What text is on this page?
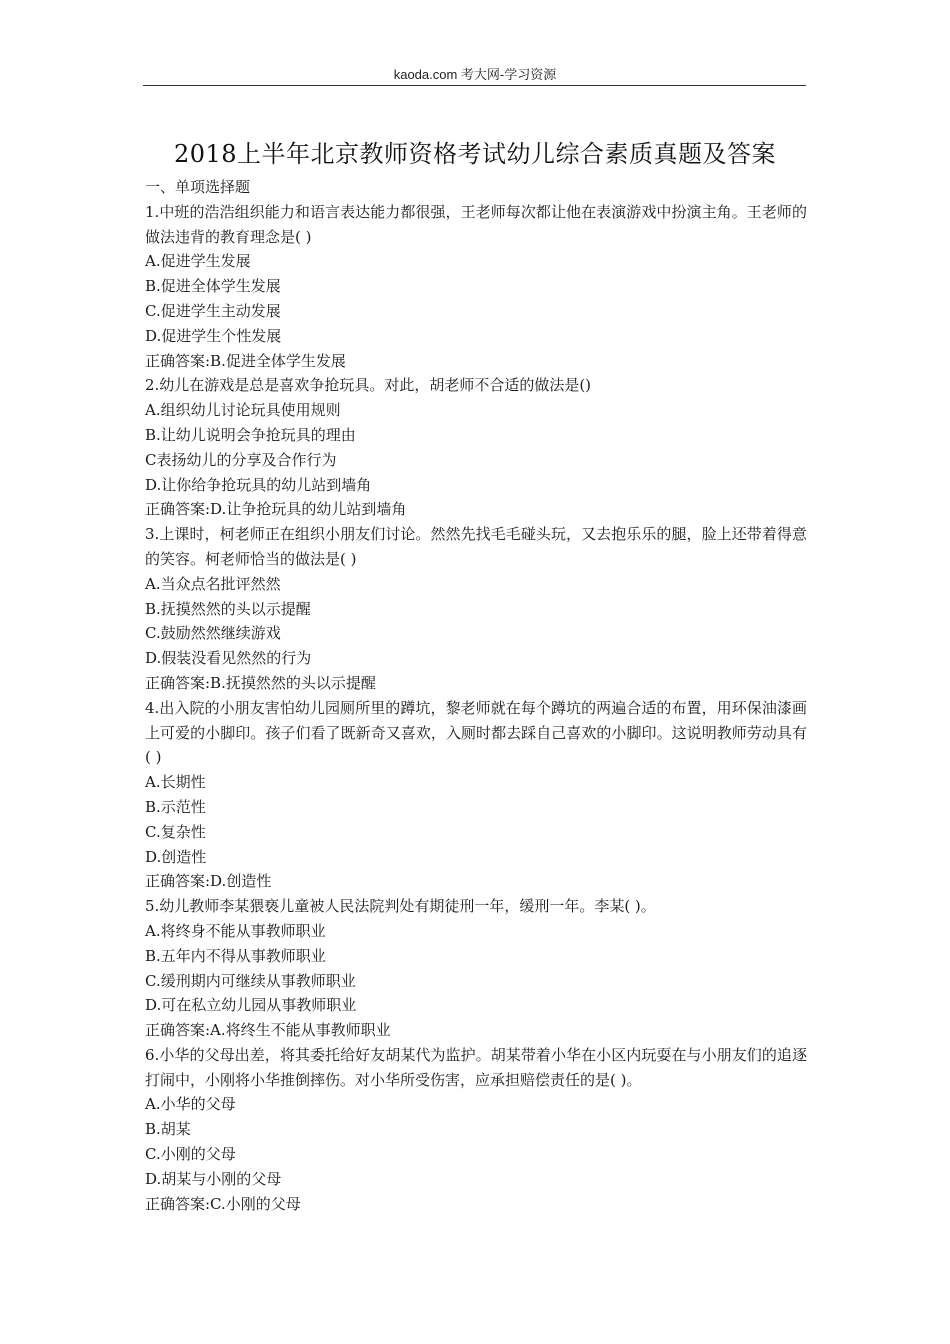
kaoda.com 考大网-学习资源
2018上半年北京教师资格考试幼儿综合素质真题及答案
一、单项选择题
1.中班的浩浩组织能力和语言表达能力都很强，王老师每次都让他在表演游戏中扮演主角。王老师的做法违背的教育理念是( )
A.促进学生发展
B.促进全体学生发展
C.促进学生主动发展
D.促进学生个性发展
正确答案:B.促进全体学生发展
2.幼儿在游戏是总是喜欢争抢玩具。对此，胡老师不合适的做法是()
A.组织幼儿讨论玩具使用规则
B.让幼儿说明会争抢玩具的理由
C表扬幼儿的分享及合作行为
D.让你给争抢玩具的幼儿站到墙角
正确答案:D.让争抢玩具的幼儿站到墙角
3.上课时，柯老师正在组织小朋友们讨论。然然先找毛毛碰头玩，又去抱乐乐的腿，脸上还带着得意的笑容。柯老师恰当的做法是( )
A.当众点名批评然然
B.抚摸然然的头以示提醒
C.鼓励然然继续游戏
D.假装没看见然然的行为
正确答案:B.抚摸然然的头以示提醒
4.出入院的小朋友害怕幼儿园厕所里的蹲坑，黎老师就在每个蹲坑的两遍合适的布置，用环保油漆画上可爱的小脚印。孩子们看了既新奇又喜欢，入厕时都去踩自己喜欢的小脚印。这说明教师劳动具有( )
A.长期性
B.示范性
C.复杂性
D.创造性
正确答案:D.创造性
5.幼儿教师李某猥亵儿童被人民法院判处有期徒刑一年，缓刑一年。李某( )。
A.将终身不能从事教师职业
B.五年内不得从事教师职业
C.缓刑期内可继续从事教师职业
D.可在私立幼儿园从事教师职业
正确答案:A.将终生不能从事教师职业
6.小华的父母出差，将其委托给好友胡某代为监护。胡某带着小华在小区内玩耍在与小朋友们的追逐打闹中，小刚将小华推倒摔伤。对小华所受伤害，应承担赔偿责任的是( )。
A.小华的父母
B.胡某
C.小刚的父母
D.胡某与小刚的父母
正确答案:C.小刚的父母
